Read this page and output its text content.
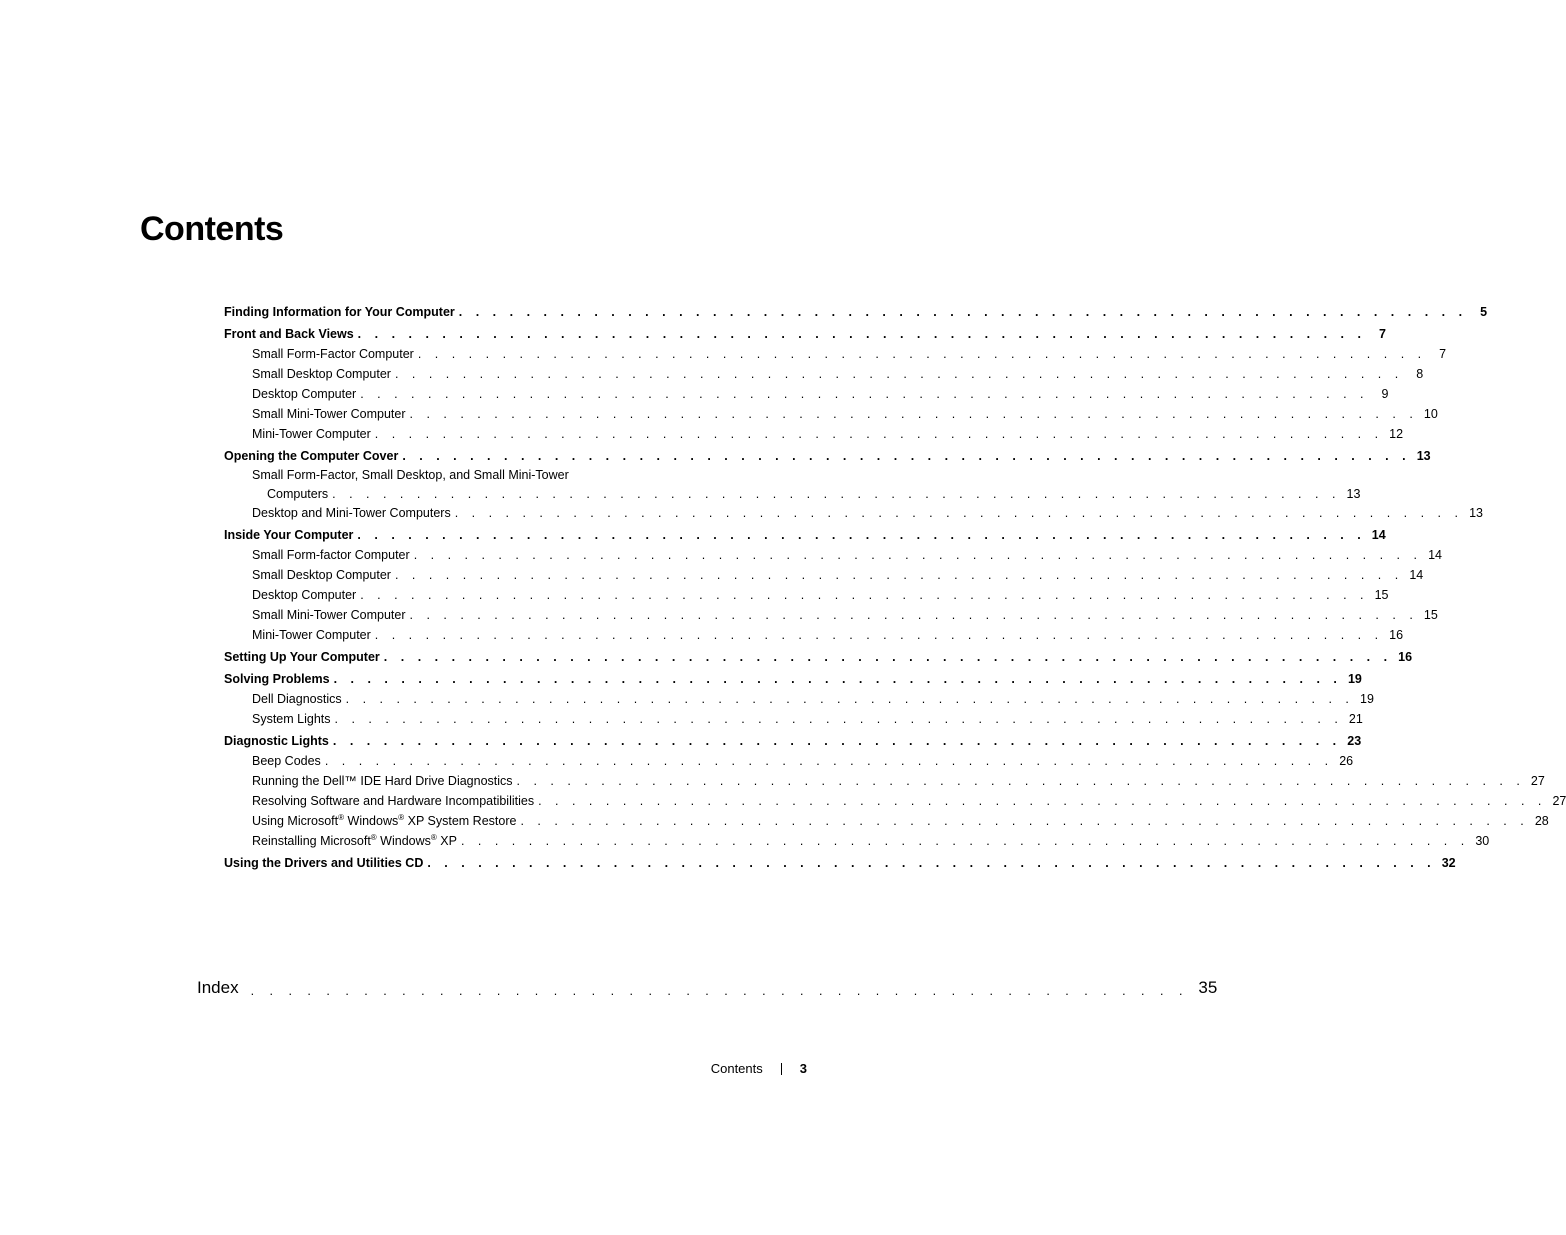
Contents
Finding Information for Your Computer . . . . . . . . . . . . . . . . . . . . . . . . . . . . . . . . . . . . . . . . . . . . . . . . . . . . . . . . . . . .	5
Front and Back Views . . . . . . . . . . . . . . . . . . . . . . . . . . . . . . . . . . . . . . . . . . . . . . . . . . . . . . . . . . . .	7
Small Form-Factor Computer . . . . . . . . . . . . . . . . . . . . . . . . . . . . . . . . . . . . . . . . . . . . . . . . . . . . . . . . . . . .	7
Small Desktop Computer . . . . . . . . . . . . . . . . . . . . . . . . . . . . . . . . . . . . . . . . . . . . . . . . . . . . . . . . . . . .	8
Desktop Computer . . . . . . . . . . . . . . . . . . . . . . . . . . . . . . . . . . . . . . . . . . . . . . . . . . . . . . . . . . . .	9
Small Mini-Tower Computer . . . . . . . . . . . . . . . . . . . . . . . . . . . . . . . . . . . . . . . . . . . . . . . . . . . . . . . . . . . . 10
Mini-Tower Computer . . . . . . . . . . . . . . . . . . . . . . . . . . . . . . . . . . . . . . . . . . . . . . . . . . . . . . . . . . . . 12
Opening the Computer Cover . . . . . . . . . . . . . . . . . . . . . . . . . . . . . . . . . . . . . . . . . . . . . . . . . . . . . . . . . . . . 13
Small Form-Factor, Small Desktop, and Small Mini-Tower
Computers . . . . . . . . . . . . . . . . . . . . . . . . . . . . . . . . . . . . . . . . . . . . . . . . . . . . . . . . . . . . 13
Desktop and Mini-Tower Computers . . . . . . . . . . . . . . . . . . . . . . . . . . . . . . . . . . . . . . . . . . . . . . . . . . . . . . . . . . . . 13
Inside Your Computer . . . . . . . . . . . . . . . . . . . . . . . . . . . . . . . . . . . . . . . . . . . . . . . . . . . . . . . . . . . . 14
Small Form-factor Computer . . . . . . . . . . . . . . . . . . . . . . . . . . . . . . . . . . . . . . . . . . . . . . . . . . . . . . . . . . . . 14
Small Desktop Computer . . . . . . . . . . . . . . . . . . . . . . . . . . . . . . . . . . . . . . . . . . . . . . . . . . . . . . . . . . . . 14
Desktop Computer . . . . . . . . . . . . . . . . . . . . . . . . . . . . . . . . . . . . . . . . . . . . . . . . . . . . . . . . . . . . 15
Small Mini-Tower Computer . . . . . . . . . . . . . . . . . . . . . . . . . . . . . . . . . . . . . . . . . . . . . . . . . . . . . . . . . . . . 15
Mini-Tower Computer . . . . . . . . . . . . . . . . . . . . . . . . . . . . . . . . . . . . . . . . . . . . . . . . . . . . . . . . . . . . 16
Setting Up Your Computer . . . . . . . . . . . . . . . . . . . . . . . . . . . . . . . . . . . . . . . . . . . . . . . . . . . . . . . . . . . . 16
Solving Problems . . . . . . . . . . . . . . . . . . . . . . . . . . . . . . . . . . . . . . . . . . . . . . . . . . . . . . . . . . . . 19
Dell Diagnostics . . . . . . . . . . . . . . . . . . . . . . . . . . . . . . . . . . . . . . . . . . . . . . . . . . . . . . . . . . . . 19
System Lights . . . . . . . . . . . . . . . . . . . . . . . . . . . . . . . . . . . . . . . . . . . . . . . . . . . . . . . . . . . . 21
Diagnostic Lights . . . . . . . . . . . . . . . . . . . . . . . . . . . . . . . . . . . . . . . . . . . . . . . . . . . . . . . . . . . . 23
Beep Codes . . . . . . . . . . . . . . . . . . . . . . . . . . . . . . . . . . . . . . . . . . . . . . . . . . . . . . . . . . . . 26
Running the Dell™ IDE Hard Drive Diagnostics . . . . . . . . . . . . . . . . . . . . . . . . . . . . . . . . . . . . . . . . . . . . . . . . . . . . . . . . . . . . 27
Resolving Software and Hardware Incompatibilities . . . . . . . . . . . . . . . . . . . . . . . . . . . . . . . . . . . . . . . . . . . . . . . . . . . . . . . . . . . . 27
Using Microsoft® Windows® XP System Restore . . . . . . . . . . . . . . . . . . . . . . . . . . . . . . . . . . . . . . . . . . . . . . . . . . . . . . . . . . . . 28
Reinstalling Microsoft® Windows® XP . . . . . . . . . . . . . . . . . . . . . . . . . . . . . . . . . . . . . . . . . . . . . . . . . . . . . . . . . . . . 30
Using the Drivers and Utilities CD . . . . . . . . . . . . . . . . . . . . . . . . . . . . . . . . . . . . . . . . . . . . . . . . . . . . . . . . . . . . 32
Index . . . . . . . . . . . . . . . . . . . . . . . . . . . . . . . . . . . . . . . . . . . . . . . . . . 35
Contents	3
